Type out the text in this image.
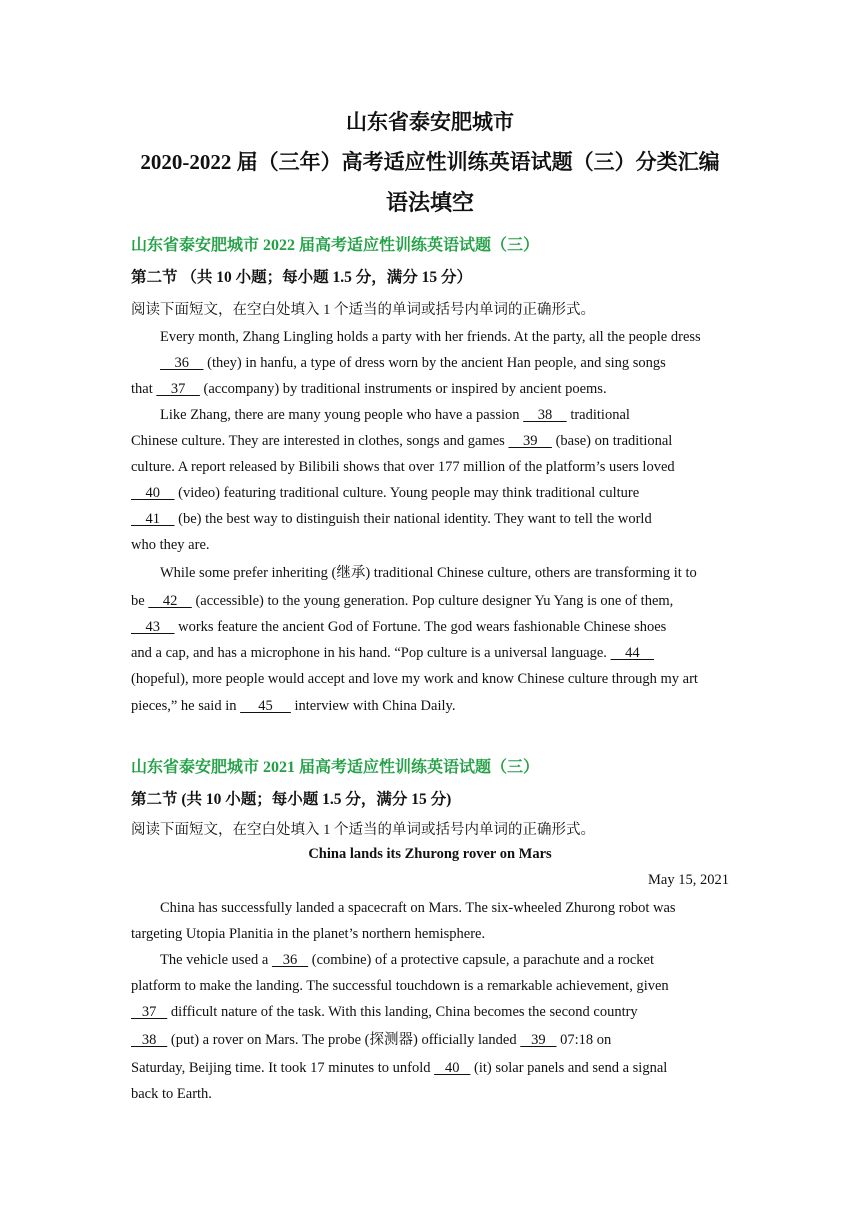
山东省泰安肥城市
2020-2022 届（三年）高考适应性训练英语试题（三）分类汇编
语法填空
山东省泰安肥城市 2022 届高考适应性训练英语试题（三）
第二节 （共 10 小题；每小题 1.5 分，满分 15 分）
阅读下面短文，在空白处填入 1 个适当的单词或括号内单词的正确形式。
Every month, Zhang Lingling holds a party with her friends. At the party, all the people dress
36     (they) in hanfu, a type of dress worn by the ancient Han people, and sing songs
that     37     (accompany) by traditional instruments or inspired by ancient poems.
Like Zhang, there are many young people who have a passion     38     traditional
Chinese culture. They are interested in clothes, songs and games     39     (base) on traditional
culture. A report released by Bilibili shows that over 177 million of the platform’s users loved
40     (video) featuring traditional culture. Young people may think traditional culture
41     (be) the best way to distinguish their national identity. They want to tell the world
who they are.
While some prefer inheriting (继承) traditional Chinese culture, others are transforming it to
be     42     (accessible) to the young generation. Pop culture designer Yu Yang is one of them,
43     works feature the ancient God of Fortune. The god wears fashionable Chinese shoes
and a cap, and has a microphone in his hand. “Pop culture is a universal language.     44
(hopeful), more people would accept and love my work and know Chinese culture through my art
pieces,” he said in      45      interview with China Daily.
山东省泰安肥城市 2021 届高考适应性训练英语试题（三）
第二节 (共 10 小题；每小题 1.5 分，满分 15 分)
阅读下面短文，在空白处填入 1 个适当的单词或括号内单词的正确形式。
China lands its Zhurong rover on Mars
May 15, 2021
China has successfully landed a spacecraft on Mars. The six-wheeled Zhurong robot was
targeting Utopia Planitia in the planet’s northern hemisphere.
The vehicle used a    36    (combine) of a protective capsule, a parachute and a rocket
platform to make the landing. The successful touchdown is a remarkable achievement, given
37    difficult nature of the task. With this landing, China becomes the second country
38    (put) a rover on Mars. The probe (探测器) officially landed    39    07:18 on
Saturday, Beijing time. It took 17 minutes to unfold    40    (it) solar panels and send a signal
back to Earth.
